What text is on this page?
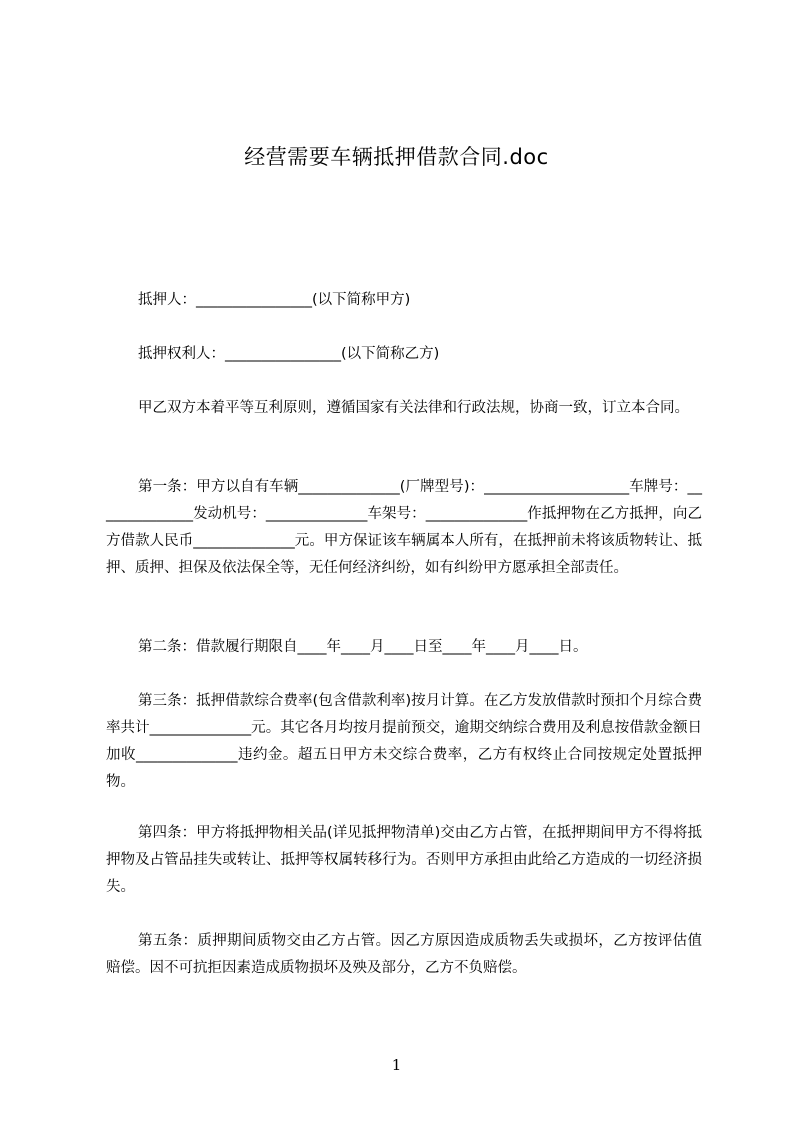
经营需要车辆抵押借款合同.doc
抵押人：________________(以下简称甲方)
抵押权利人：________________(以下简称乙方)
甲乙双方本着平等互利原则，遵循国家有关法律和行政法规，协商一致，订立本合同。
第一条：甲方以自有车辆______________(厂牌型号)：____________________车牌号：______________发动机号：______________车架号：______________作抵押物在乙方抵押，向乙方借款人民币______________元。甲方保证该车辆属本人所有，在抵押前未将该质物转让、抵押、质押、担保及依法保全等，无任何经济纠纷，如有纠纷甲方愿承担全部责任。
第二条：借款履行期限自____年____月____日至____年____月____日。
第三条：抵押借款综合费率(包含借款利率)按月计算。在乙方发放借款时预扣个月综合费率共计______________元。其它各月均按月提前预交，逾期交纳综合费用及利息按借款金额日加收______________违约金。超五日甲方未交综合费率，乙方有权终止合同按规定处置抵押物。
第四条：甲方将抵押物相关品(详见抵押物清单)交由乙方占管，在抵押期间甲方不得将抵押物及占管品挂失或转让、抵押等权属转移行为。否则甲方承担由此给乙方造成的一切经济损失。
第五条：质押期间质物交由乙方占管。因乙方原因造成质物丢失或损坏，乙方按评估值赔偿。因不可抗拒因素造成质物损坏及殃及部分，乙方不负赔偿。
1
